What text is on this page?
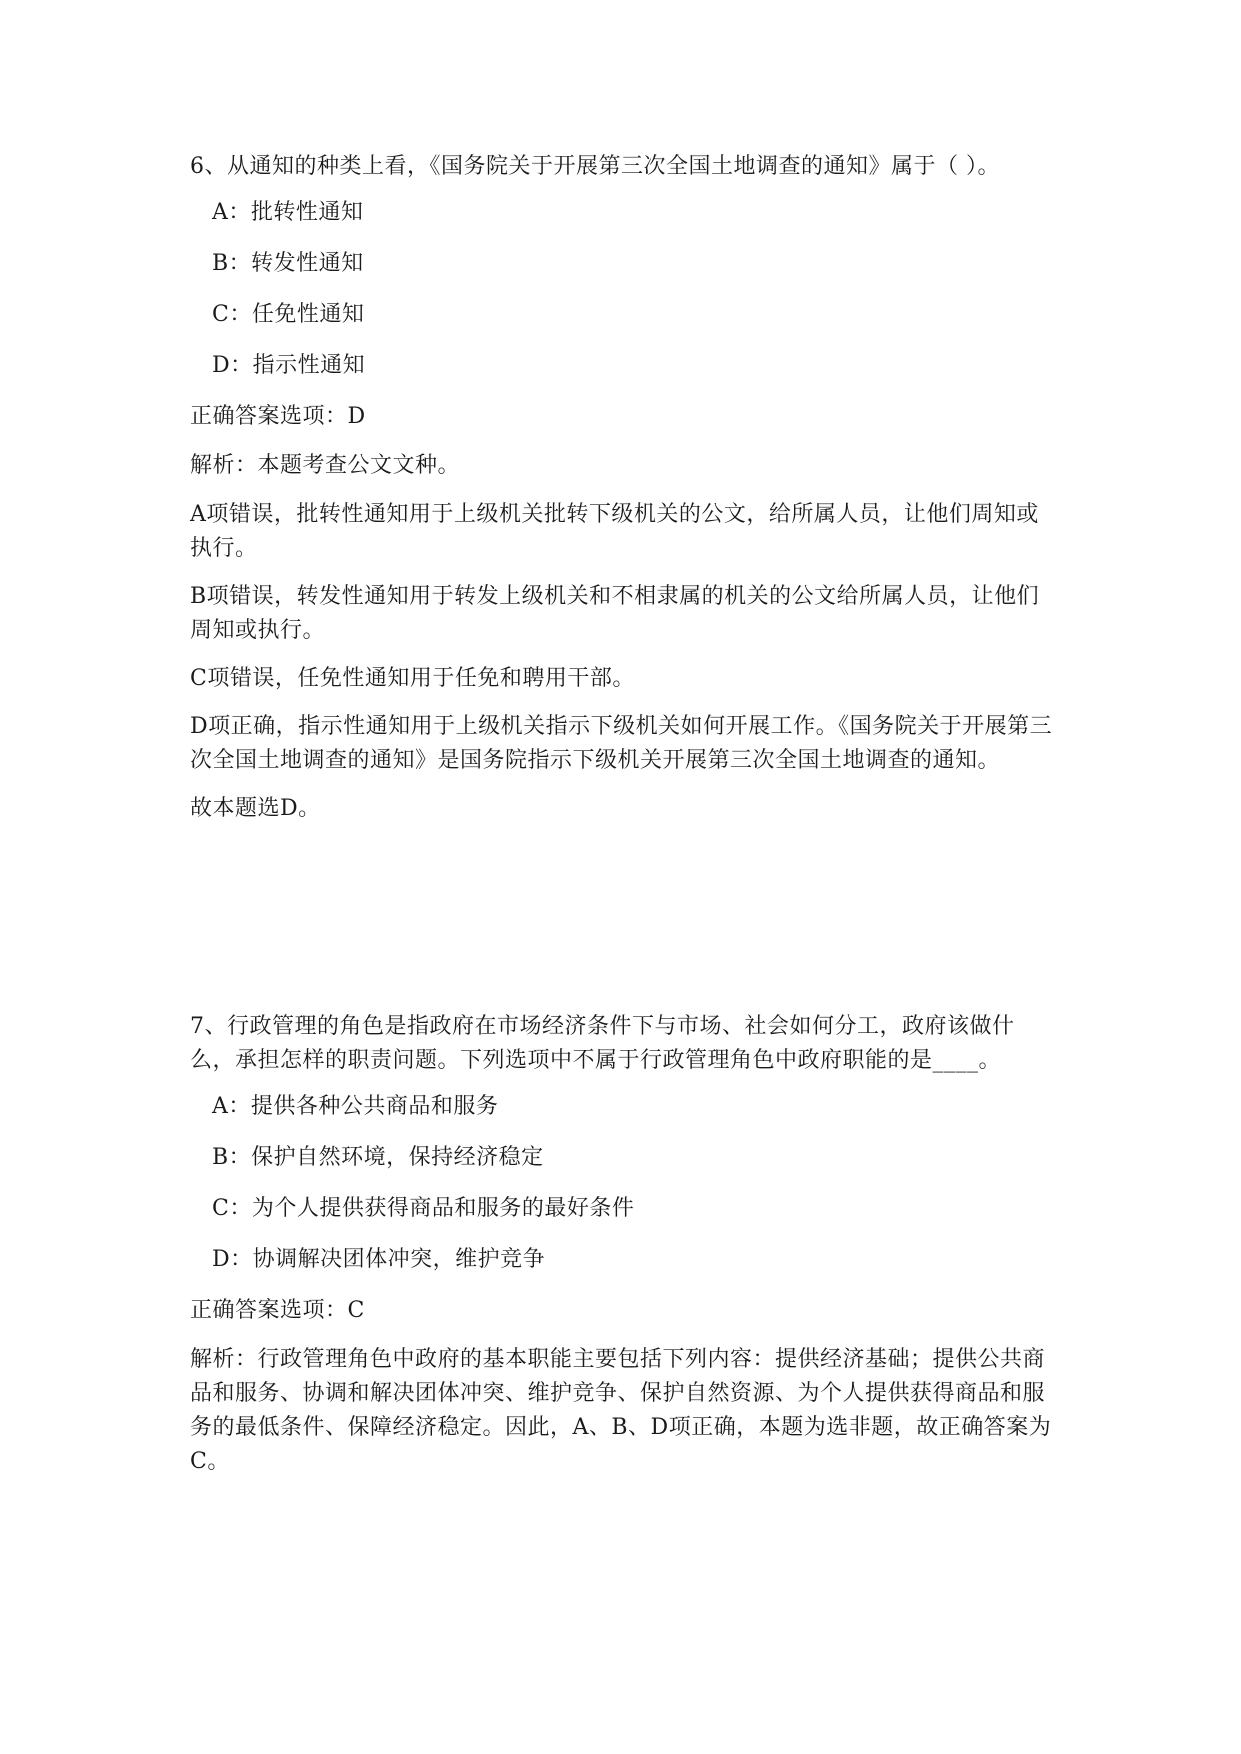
6、从通知的种类上看，《国务院关于开展第三次全国土地调查的通知》属于（ ）。

A：批转性通知

B：转发性通知

C：任免性通知

D：指示性通知

正确答案选项：D

解析：本题考查公文文种。

A项错误，批转性通知用于上级机关批转下级机关的公文，给所属人员，让他们周知或执行。

B项错误，转发性通知用于转发上级机关和不相隶属的机关的公文给所属人员，让他们周知或执行。

C项错误，任免性通知用于任免和聘用干部。

D项正确，指示性通知用于上级机关指示下级机关如何开展工作。《国务院关于开展第三次全国土地调查的通知》是国务院指示下级机关开展第三次全国土地调查的通知。

故本题选D。

7、行政管理的角色是指政府在市场经济条件下与市场、社会如何分工，政府该做什么，承担怎样的职责问题。下列选项中不属于行政管理角色中政府职能的是____。

A：提供各种公共商品和服务

B：保护自然环境，保持经济稳定

C：为个人提供获得商品和服务的最好条件

D：协调解决团体冲突，维护竞争

正确答案选项：C

解析：行政管理角色中政府的基本职能主要包括下列内容：提供经济基础；提供公共商品和服务、协调和解决团体冲突、维护竞争、保护自然资源、为个人提供获得商品和服务的最低条件、保障经济稳定。因此，A、B、D项正确，本题为选非题，故正确答案为C。
